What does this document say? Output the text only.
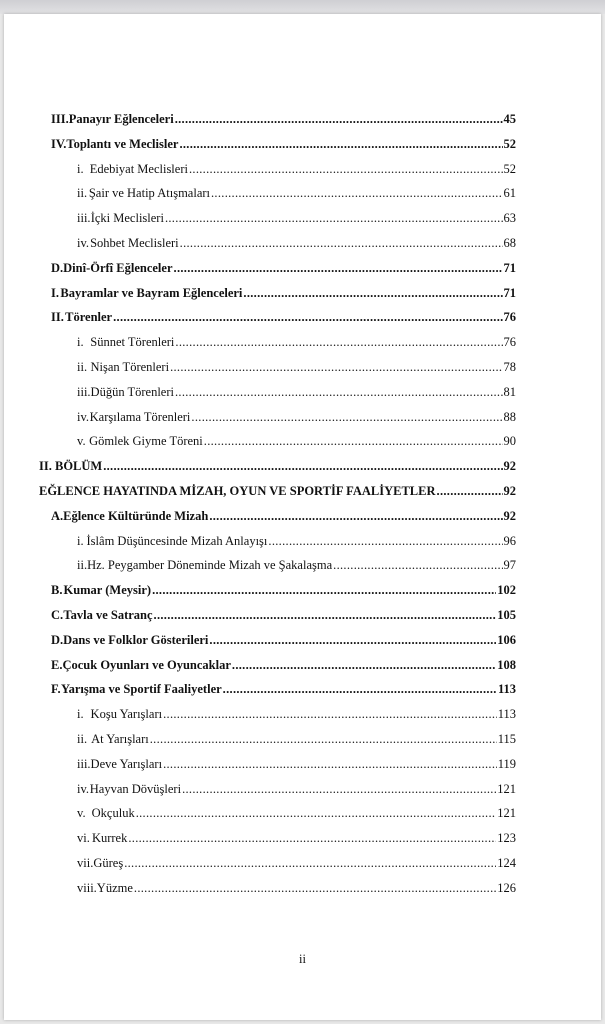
III. Panayır Eğlenceleri .....	45
IV. Toplantı ve Meclisler .....	52
i. Edebiyat Meclisleri .....	52
ii. Şair ve Hatip Atışmaları .....	61
iii. İçki Meclisleri .....	63
iv. Sohbet Meclisleri .....	68
D. Dinî-Örfî Eğlenceler .....	71
I. Bayramlar ve Bayram Eğlenceleri .....	71
II. Törenler .....	76
i. Sünnet Törenleri .....	76
ii. Nişan Törenleri .....	78
iii. Düğün Törenleri .....	81
iv. Karşılama Törenleri .....	88
v. Gömlek Giyme Töreni .....	90
II. BÖLÜM .....	92
EĞLENCE HAYATINDA MİZAH, OYUN VE SPORTİF FAALİYETLER .....	92
A. Eğlence Kültüründe Mizah .....	92
i. İslâm Düşüncesinde Mizah Anlayışı .....	96
ii. Hz. Peygamber Döneminde Mizah ve Şakalaşma .....	97
B. Kumar (Meysir) .....	102
C. Tavla ve Satranç .....	105
D. Dans ve Folklor Gösterileri .....	106
E. Çocuk Oyunları ve Oyuncaklar .....	108
F. Yarışma ve Sportif Faaliyetler .....	113
i. Koşu Yarışları .....	113
ii. At Yarışları .....	115
iii. Deve Yarışları .....	119
iv. Hayvan Dövüşleri .....	121
v. Okçuluk .....	121
vi. Kurrek .....	123
vii. Güreş .....	124
viii. Yüzme .....	126
ii
